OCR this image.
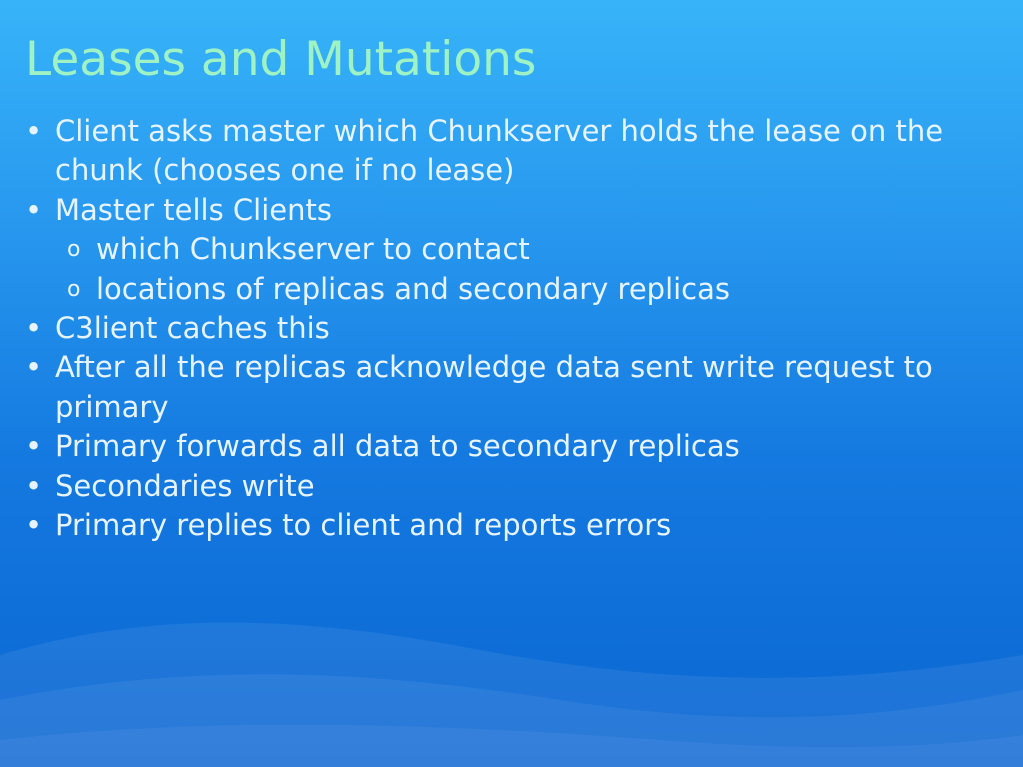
Leases and Mutations
• Client asks master which Chunkserver holds the lease on the chunk (chooses one if no lease)
• Master tells Clients
o which Chunkserver to contact
o locations of replicas and secondary replicas
• C3lient caches this
• After all the replicas acknowledge data sent write request to primary
• Primary forwards all data to secondary replicas
• Secondaries write
• Primary replies to client and reports errors
